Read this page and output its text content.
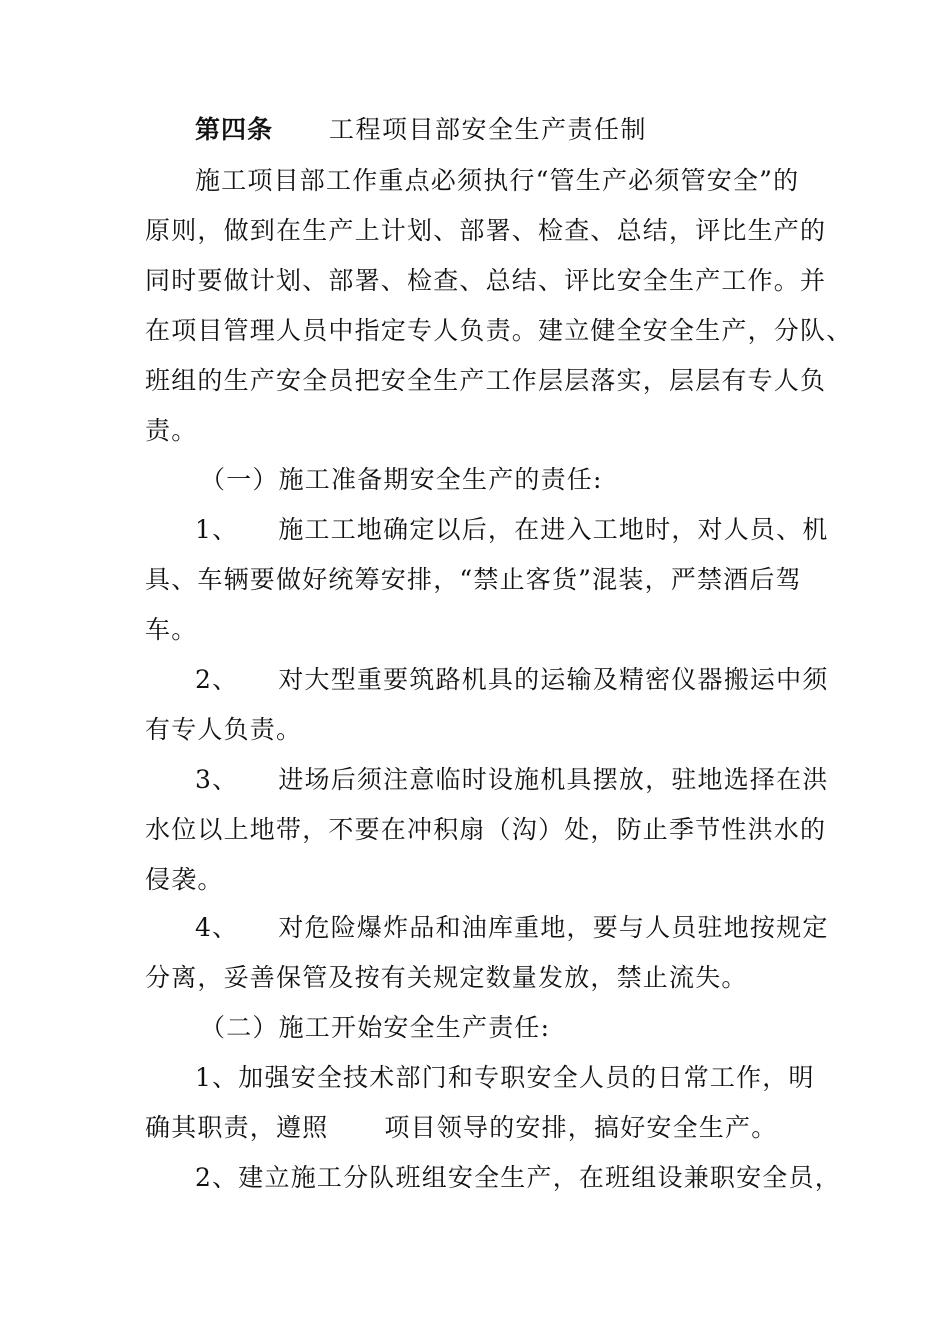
第四条 工程项目部安全生产责任制
施工项目部工作重点必须执行“管生产必须管安全”的
原则，做到在生产上计划、部署、检查、总结，评比生产的
同时要做计划、部署、检查、总结、评比安全生产工作。并
在项目管理人员中指定专人负责。建立健全安全生产，分队、
班组的生产安全员把安全生产工作层层落实，层层有专人负
责。
（一）施工准备期安全生产的责任:
1、 施工工地确定以后，在进入工地时，对人员、机
具、车辆要做好统筹安排，“禁止客货”混装，严禁酒后驾
车。
2、 对大型重要筑路机具的运输及精密仪器搬运中须
有专人负责。
3、 进场后须注意临时设施机具摆放，驻地选择在洪
水位以上地带，不要在冲积扇（沟）处，防止季节性洪水的
侵袭。
4、 对危险爆炸品和油库重地，要与人员驻地按规定
分离，妥善保管及按有关规定数量发放，禁止流失。
（二）施工开始安全生产责任:
1、加强安全技术部门和专职安全人员的日常工作，明
确其职责，遵照 项目领导的安排，搞好安全生产。
2、建立施工分队班组安全生产，在班组设兼职安全员，
